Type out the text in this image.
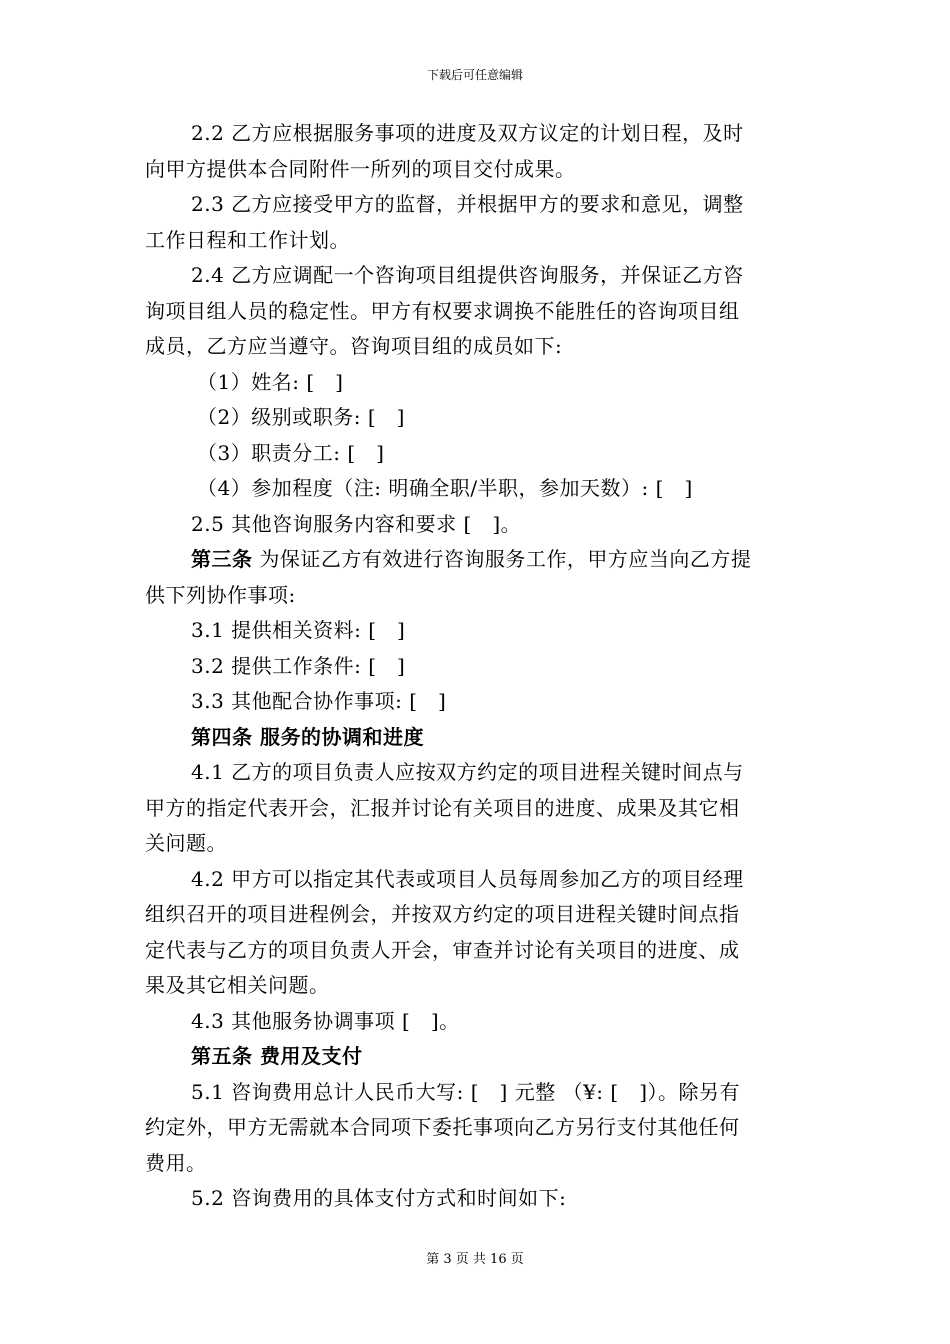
下载后可任意编辑

2.2 乙方应根据服务事项的进度及双方议定的计划日程，及时

向甲方提供本合同附件一所列的项目交付成果。

2.3 乙方应接受甲方的监督，并根据甲方的要求和意见，调整

工作日程和工作计划。

2.4 乙方应调配一个咨询项目组提供咨询服务，并保证乙方咨

询项目组人员的稳定性。甲方有权要求调换不能胜任的咨询项目组

成员，乙方应当遵守。咨询项目组的成员如下:

（1）姓名: [　]

（2）级别或职务: [　]

（3）职责分工: [　]

（4）参加程度（注: 明确全职/半职，参加天数）: [　]

2.5 其他咨询服务内容和要求 [　]。

第三条 为保证乙方有效进行咨询服务工作，甲方应当向乙方提

供下列协作事项:

3.1 提供相关资料: [　]

3.2 提供工作条件: [　]

3.3 其他配合协作事项: [　]

第四条 服务的协调和进度

4.1 乙方的项目负责人应按双方约定的项目进程关键时间点与

甲方的指定代表开会，汇报并讨论有关项目的进度、成果及其它相

关问题。

4.2 甲方可以指定其代表或项目人员每周参加乙方的项目经理

组织召开的项目进程例会，并按双方约定的项目进程关键时间点指

定代表与乙方的项目负责人开会，审查并讨论有关项目的进度、成

果及其它相关问题。

4.3 其他服务协调事项 [　]。

第五条 费用及支付

5.1 咨询费用总计人民币大写: [　] 元整 （¥: [　]）。除另有

约定外，甲方无需就本合同项下委托事项向乙方另行支付其他任何

费用。

5.2 咨询费用的具体支付方式和时间如下:

第 3 页 共 16 页
